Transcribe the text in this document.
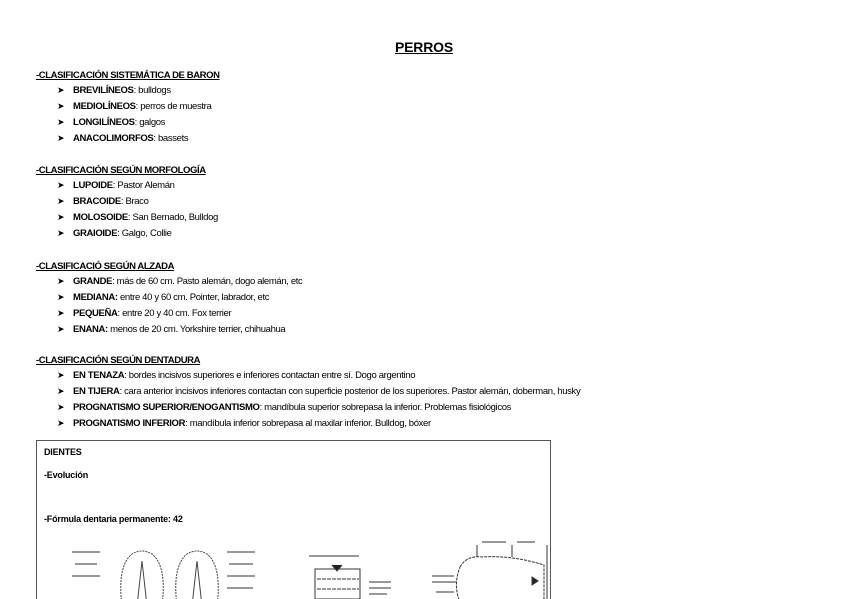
PERROS
-CLASIFICACIÓN SISTEMÁTICA DE BARON
➤ BREVILÍNEOS: bulldogs
➤ MEDIOLÍNEOS: perros de muestra
➤ LONGILÍNEOS: galgos
➤ ANACOLIMORFOS: bassets
-CLASIFICACIÓN SEGÚN MORFOLOGÍA
➤ LUPOIDE: Pastor Alemán
➤ BRACOIDE: Braco
➤ MOLOSOIDE: San Bernado, Bulldog
➤ GRAIOIDE: Galgo, Collie
-CLASIFICACIÓ SEGÚN ALZADA
➤ GRANDE: más de 60 cm. Pasto alemán, dogo alemán, etc
➤ MEDIANA: entre 40 y 60 cm. Pointer, labrador, etc
➤ PEQUEÑA: entre 20 y 40 cm. Fox terrier
➤ ENANA: menos de 20 cm. Yorkshire terrier, chihuahua
-CLASIFICACIÓN SEGÚN DENTADURA
➤ EN TENAZA: bordes incisivos superiores e inferiores contactan entre sí. Dogo argentino
➤ EN TIJERA: cara anterior incisivos inferiores contactan con superficie posterior de los superiores. Pastor alemán, doberman, husky
➤ PROGNATISMO SUPERIOR/ENOGANTISMO: mandíbula superior sobrepasa la inferior. Problemas fisiológicos
➤ PROGNATISMO INFERIOR: mandíbula inferior sobrepasa al maxilar inferior. Bulldog, bóxer
DIENTES
-Evolución
-Fórmula dentaria permanente: 42
